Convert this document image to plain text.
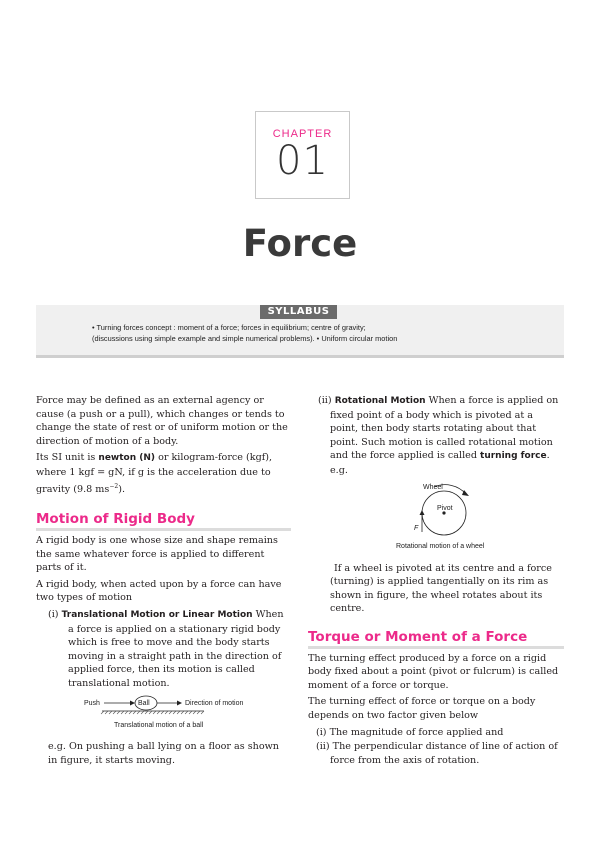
CHAPTER
01
Force
SYLLABUS
• Turning forces concept : moment of a force; forces in equilibrium; centre of gravity;
(discussions using simple example and simple numerical problems). • Uniform circular motion

Force may be defined as an external agency or cause (a push or a pull), which changes or tends to change the state of rest or of uniform motion or the direction of motion of a body.

Its SI unit is newton (N) or kilogram-force (kgf), where 1 kgf = gN, if g is the acceleration due to gravity (9.8 $ms^{-2}$).

Motion of Rigid Body

A rigid body is one whose size and shape remains the same whatever force is applied to different parts of it.

A rigid body, when acted upon by a force can have two types of motion

(i) Translational Motion or Linear Motion When a force is applied on a stationary rigid body which is free to move and the body starts moving in a straight path in the direction of applied force, then its motion is called translational motion.

Push	Ball	Direction of motion
Translational motion of a ball

e.g. On pushing a ball lying on a floor as shown in figure, it starts moving.

(ii) Rotational Motion When a force is applied on fixed point of a body which is pivoted at a point, then body starts rotating about that point. Such motion is called rotational motion and the force applied is called turning force. e.g.

Wheel
Pivot
F
Rotational motion of a wheel

If a wheel is pivoted at its centre and a force (turning) is applied tangentially on its rim as shown in figure, the wheel rotates about its centre.

Torque or Moment of a Force

The turning effect produced by a force on a rigid body fixed about a point (pivot or fulcrum) is called moment of a force or torque.

The turning effect of force or torque on a body depends on two factor given below

(i) The magnitude of force applied and

(ii) The perpendicular distance of line of action of force from the axis of rotation.
